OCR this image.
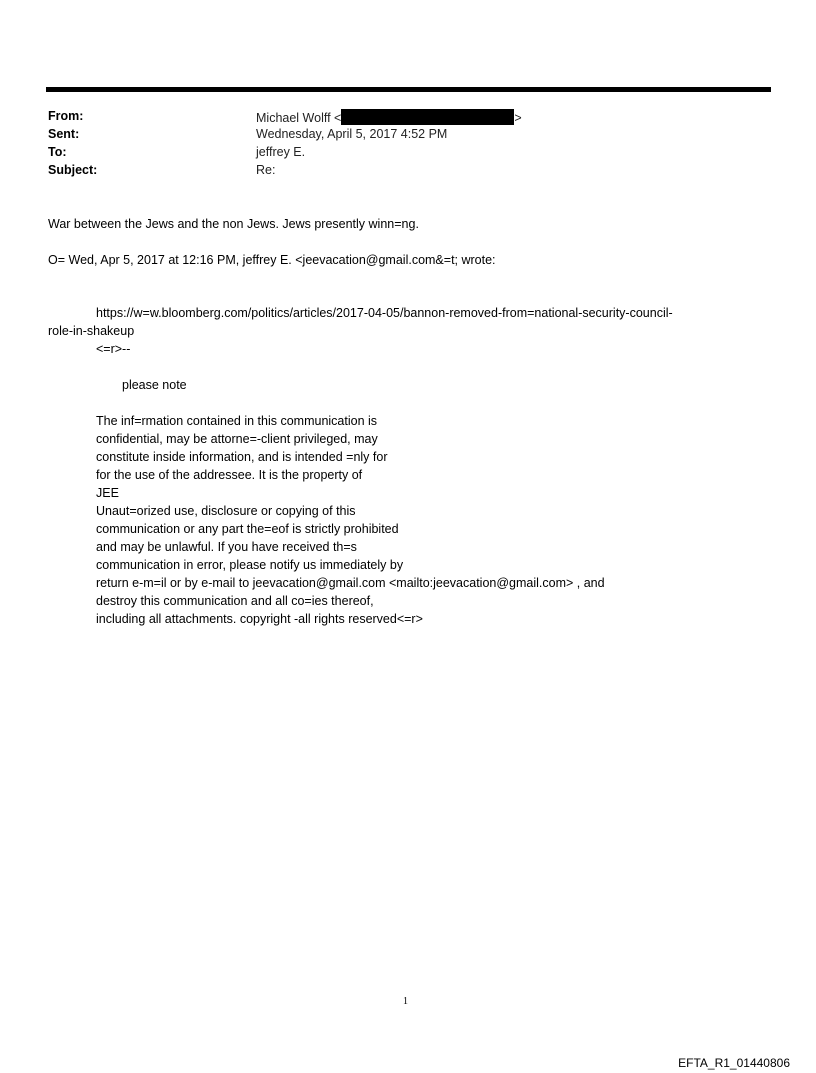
From:	Michael Wolff <	>
Sent:	Wednesday, April 5, 2017 4:52 PM
To:	jeffrey E.
Subject:	Re:
War between the Jews and the non Jews. Jews presently winn=ng.
O= Wed, Apr 5, 2017 at 12:16 PM, jeffrey E. <jeevacation@gmail.com&=t; wrote:
https://w=w.bloomberg.com/politics/articles/2017-04-05/bannon-removed-from=national-security-council-
role-in-shakeup
<=r>--
please note
The inf=rmation contained in this communication is
confidential, may be attorne=-client privileged, may
constitute inside information, and is intended =nly for
for the use of the addressee. It is the property of
JEE
Unaut=orized use, disclosure or copying of this
communication or any part the=eof is strictly prohibited
and may be unlawful. If you have received th=s
communication in error, please notify us immediately by
return e-m=il or by e-mail to jeevacation@gmail.com <mailto:jeevacation@gmail.com> , and
destroy this communication and all co=ies thereof,
including all attachments. copyright -all rights reserved<=r>
1
EFTA_R1_01440806
